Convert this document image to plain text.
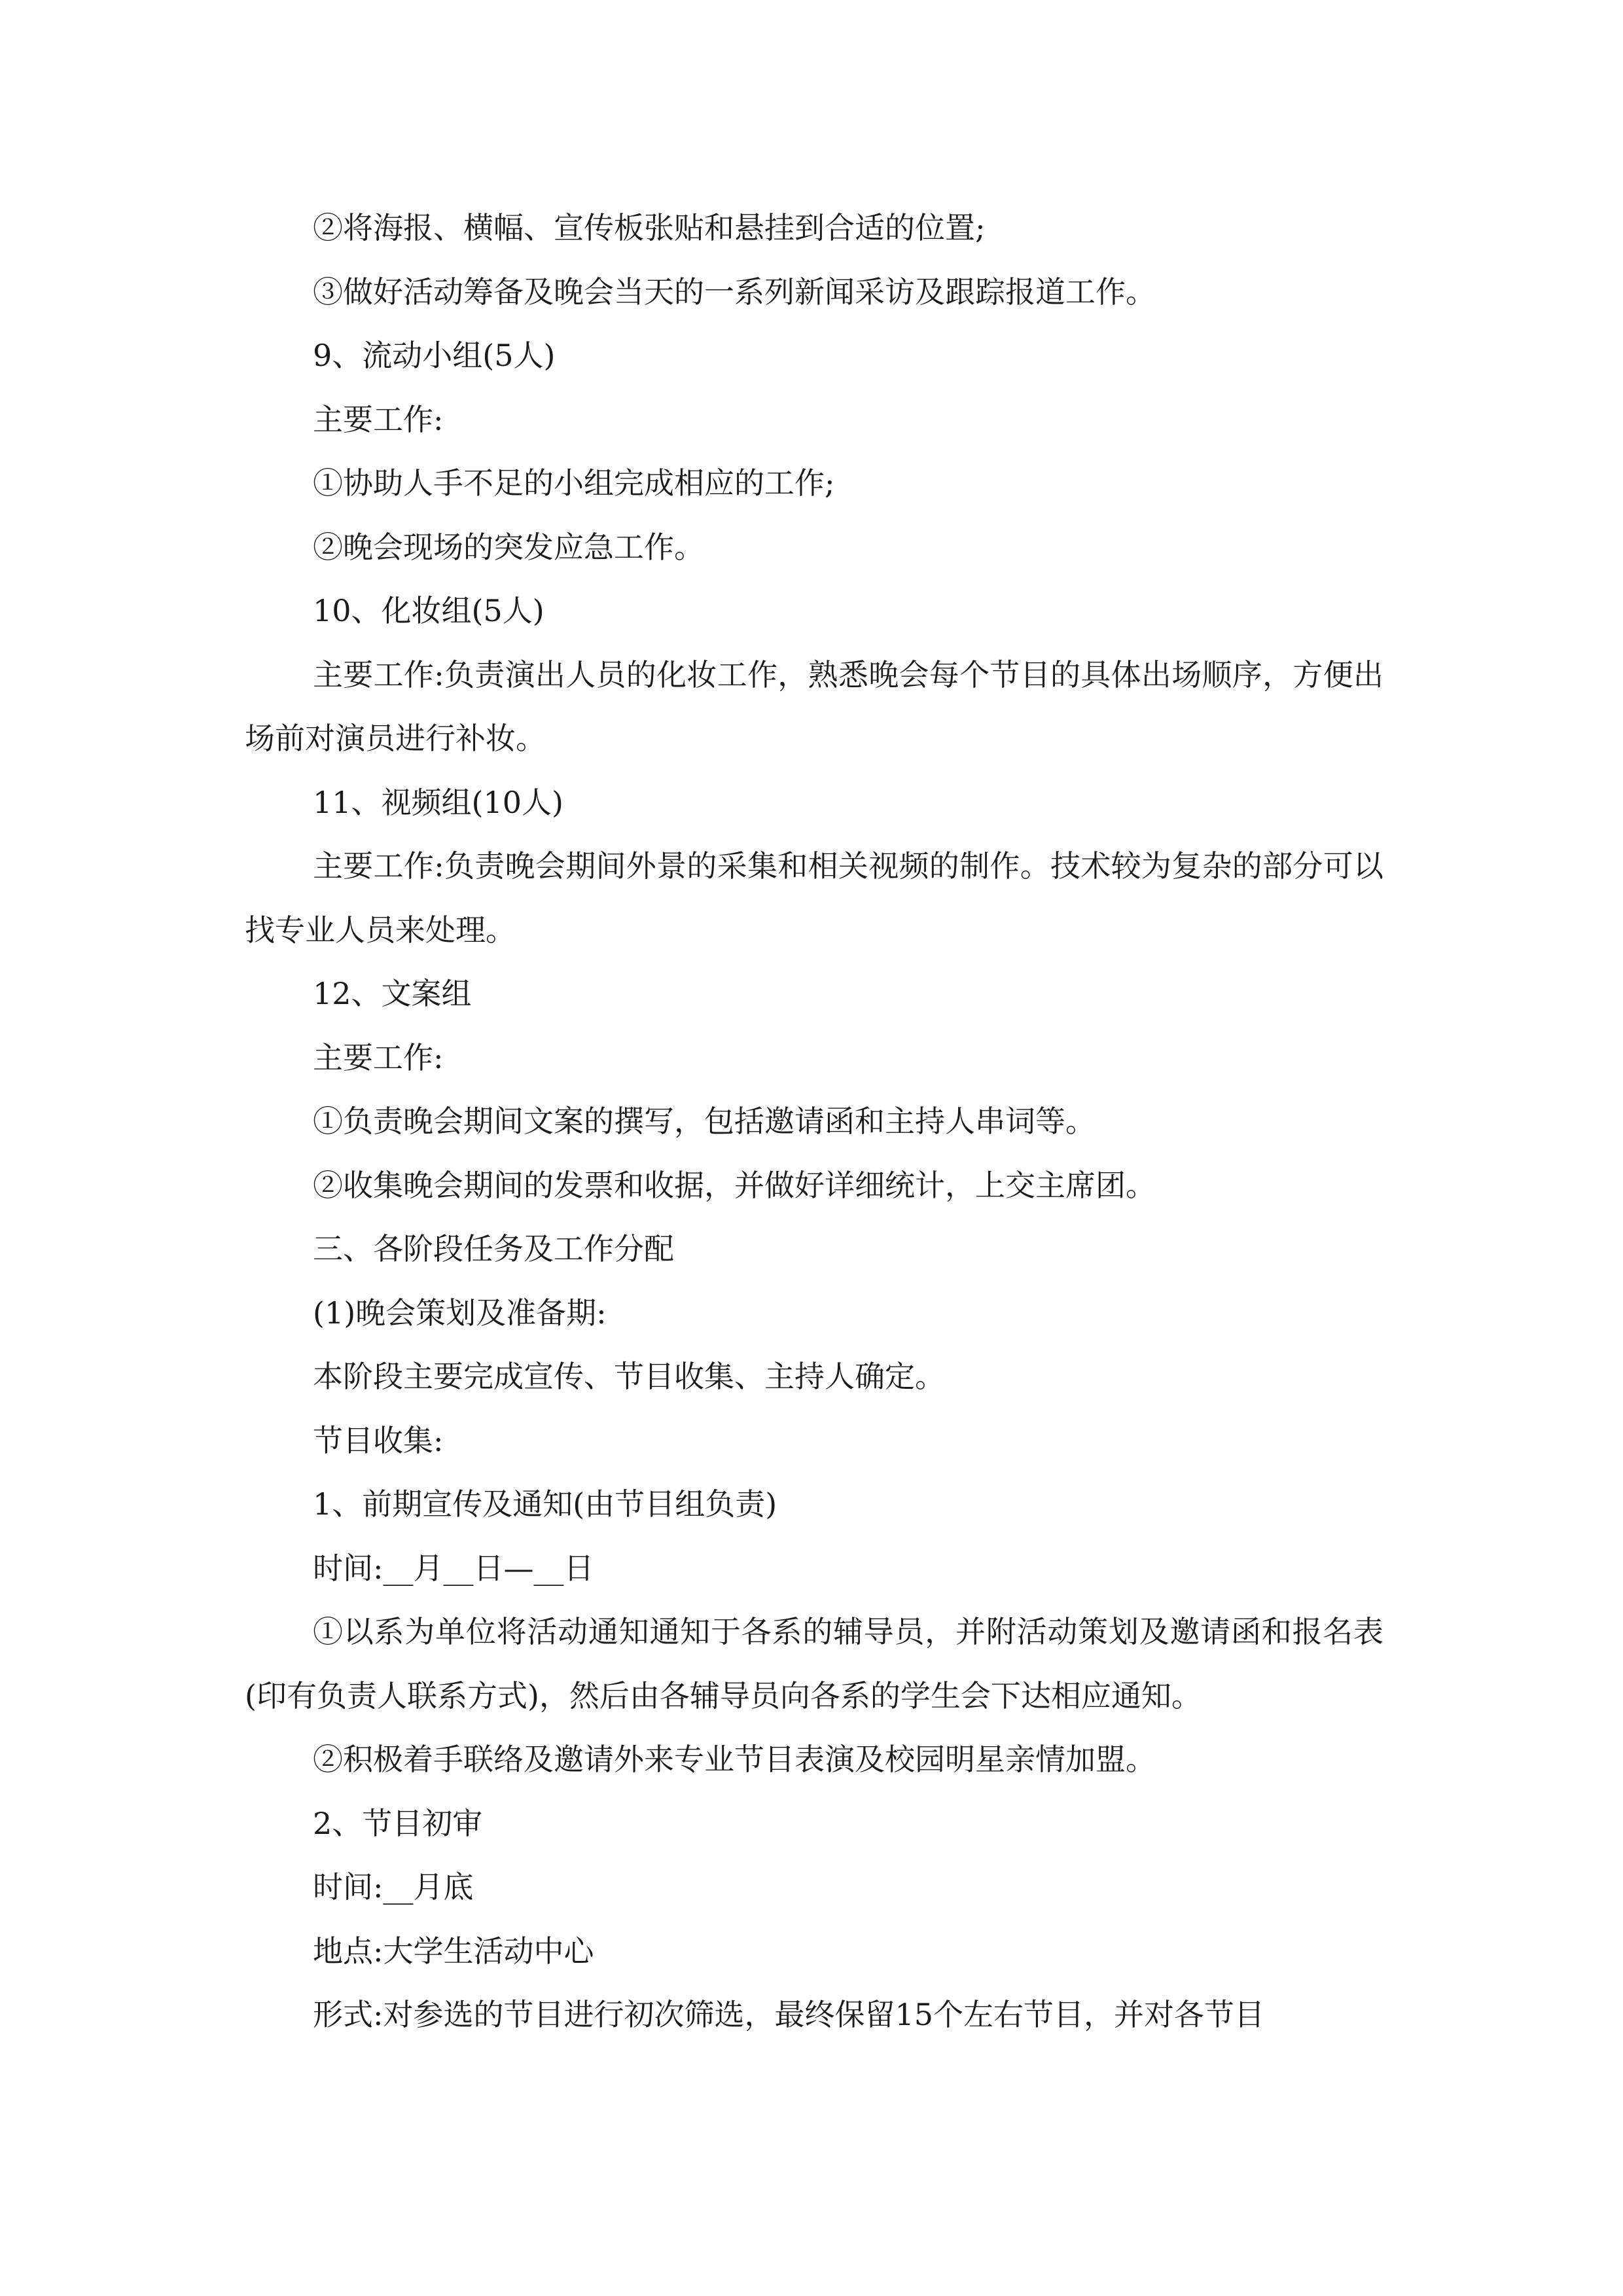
②将海报、横幅、宣传板张贴和悬挂到合适的位置;

③做好活动筹备及晚会当天的一系列新闻采访及跟踪报道工作。

9、流动小组(5人)

主要工作:

①协助人手不足的小组完成相应的工作;

②晚会现场的突发应急工作。

10、化妆组(5人)

主要工作:负责演出人员的化妆工作，熟悉晚会每个节目的具体出场顺序，方便出场前对演员进行补妆。

11、视频组(10人)

主要工作:负责晚会期间外景的采集和相关视频的制作。技术较为复杂的部分可以找专业人员来处理。

12、文案组

主要工作:

①负责晚会期间文案的撰写，包括邀请函和主持人串词等。

②收集晚会期间的发票和收据，并做好详细统计，上交主席团。

三、各阶段任务及工作分配

(1)晚会策划及准备期:

本阶段主要完成宣传、节目收集、主持人确定。

节目收集:

1、前期宣传及通知(由节目组负责)

时间:__月__日—__日

①以系为单位将活动通知通知于各系的辅导员，并附活动策划及邀请函和报名表(印有负责人联系方式)，然后由各辅导员向各系的学生会下达相应通知。

②积极着手联络及邀请外来专业节目表演及校园明星亲情加盟。

2、节目初审

时间:__月底

地点:大学生活动中心

形式:对参选的节目进行初次筛选，最终保留15个左右节目，并对各节目
